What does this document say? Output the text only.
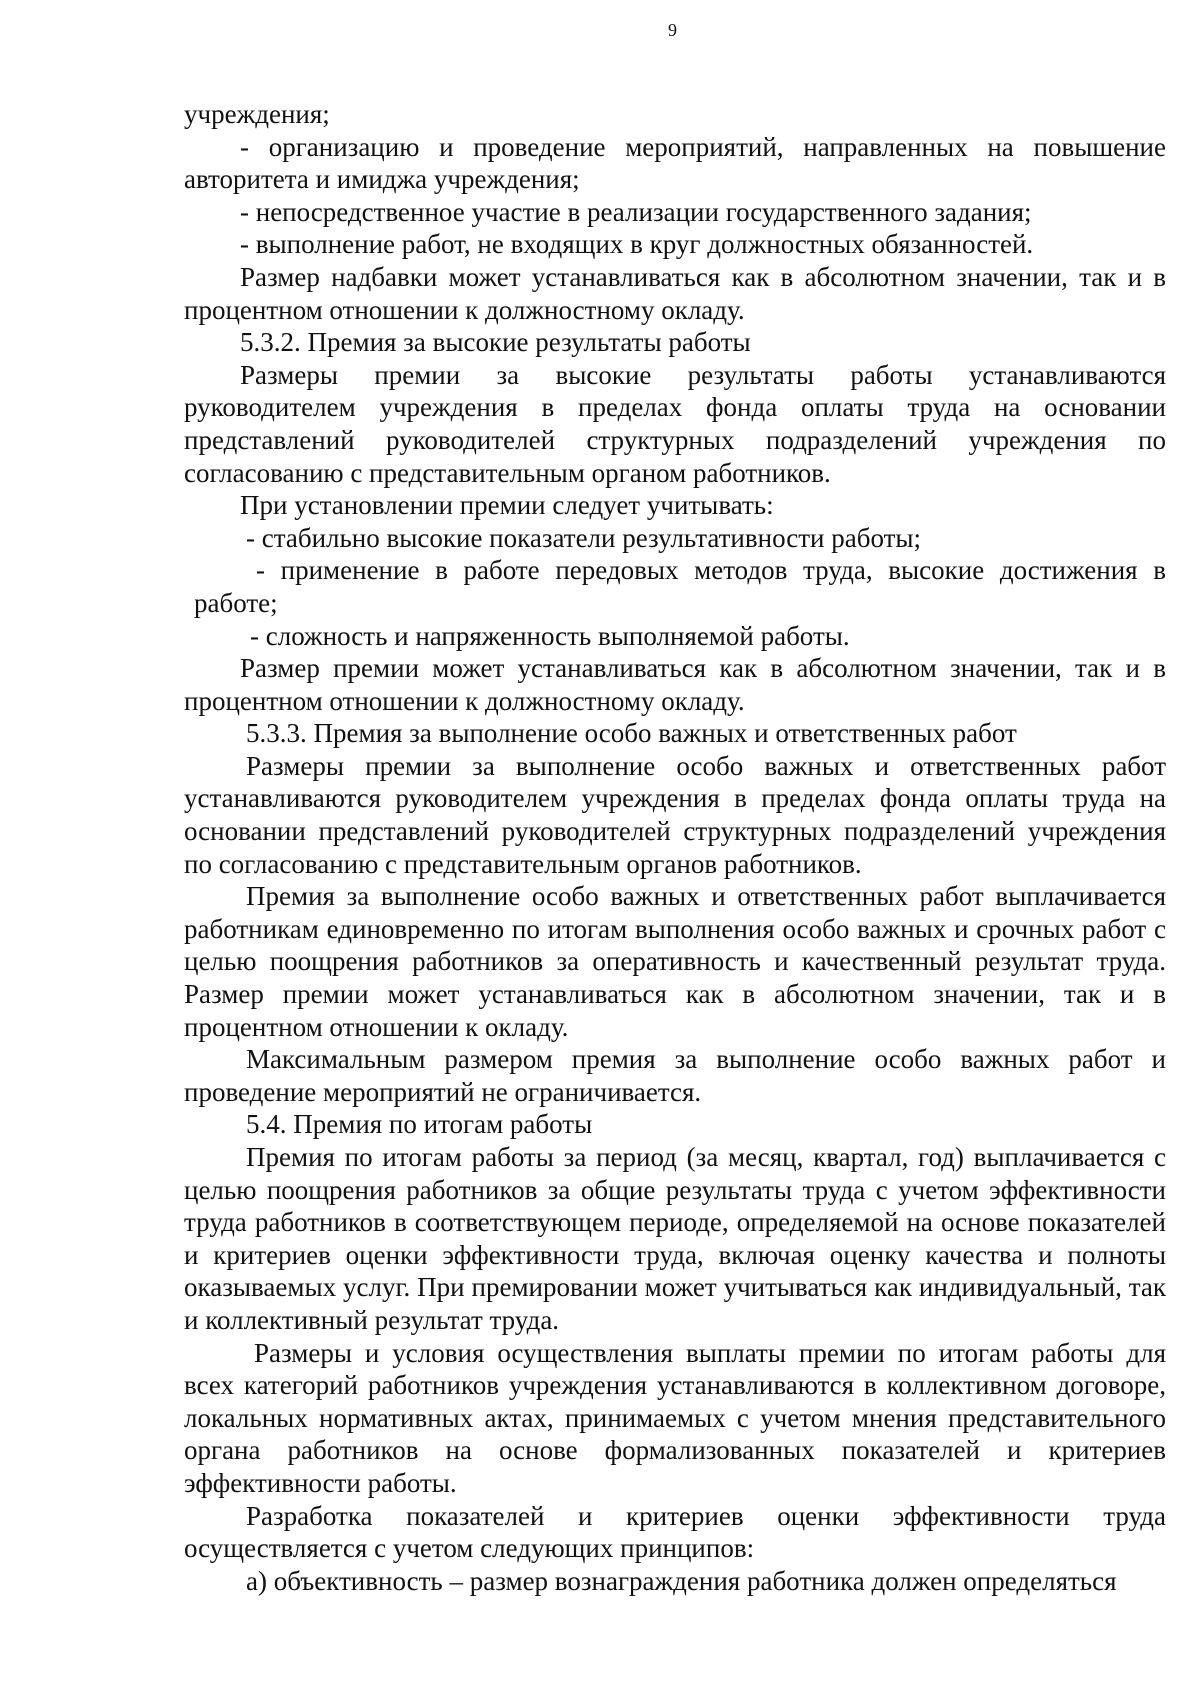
9

учреждения;

- организацию и проведение мероприятий, направленных на повышение авторитета и имиджа учреждения;

- непосредственное участие в реализации государственного задания;

- выполнение работ, не входящих в круг должностных обязанностей.

Размер надбавки может устанавливаться как в абсолютном значении, так и в процентном отношении к должностному окладу.

5.3.2. Премия за высокие результаты работы

Размеры премии за высокие результаты работы устанавливаются руководителем учреждения в пределах фонда оплаты труда на основании представлений руководителей структурных подразделений учреждения по согласованию с представительным органом работников.

При установлении премии следует учитывать:

- стабильно высокие показатели результативности работы;

- применение в работе передовых методов труда, высокие достижения в работе;

- сложность и напряженность выполняемой работы.

Размер премии может устанавливаться как в абсолютном значении, так и в процентном отношении к должностному окладу.

5.3.3. Премия за выполнение особо важных и ответственных работ

Размеры премии за выполнение особо важных и ответственных работ устанавливаются руководителем учреждения в пределах фонда оплаты труда на основании представлений руководителей структурных подразделений учреждения по согласованию с представительным органов работников.

Премия за выполнение особо важных и ответственных работ выплачивается работникам единовременно по итогам выполнения особо важных и срочных работ с целью поощрения работников за оперативность и качественный результат труда. Размер премии может устанавливаться как в абсолютном значении, так и в процентном отношении к окладу.

Максимальным размером премия за выполнение особо важных работ и проведение мероприятий не ограничивается.

5.4. Премия по итогам работы

Премия по итогам работы за период (за месяц, квартал, год) выплачивается с целью поощрения работников за общие результаты труда с учетом эффективности труда работников в соответствующем периоде, определяемой на основе показателей и критериев оценки эффективности труда, включая оценку качества и полноты оказываемых услуг. При премировании может учитываться как индивидуальный, так и коллективный результат труда.

Размеры и условия осуществления выплаты премии по итогам работы для всех категорий работников учреждения устанавливаются в коллективном договоре, локальных нормативных актах, принимаемых с учетом мнения представительного органа работников на основе формализованных показателей и критериев эффективности работы.

Разработка показателей и критериев оценки эффективности труда осуществляется с учетом следующих принципов:

а) объективность – размер вознаграждения работника должен определяться
